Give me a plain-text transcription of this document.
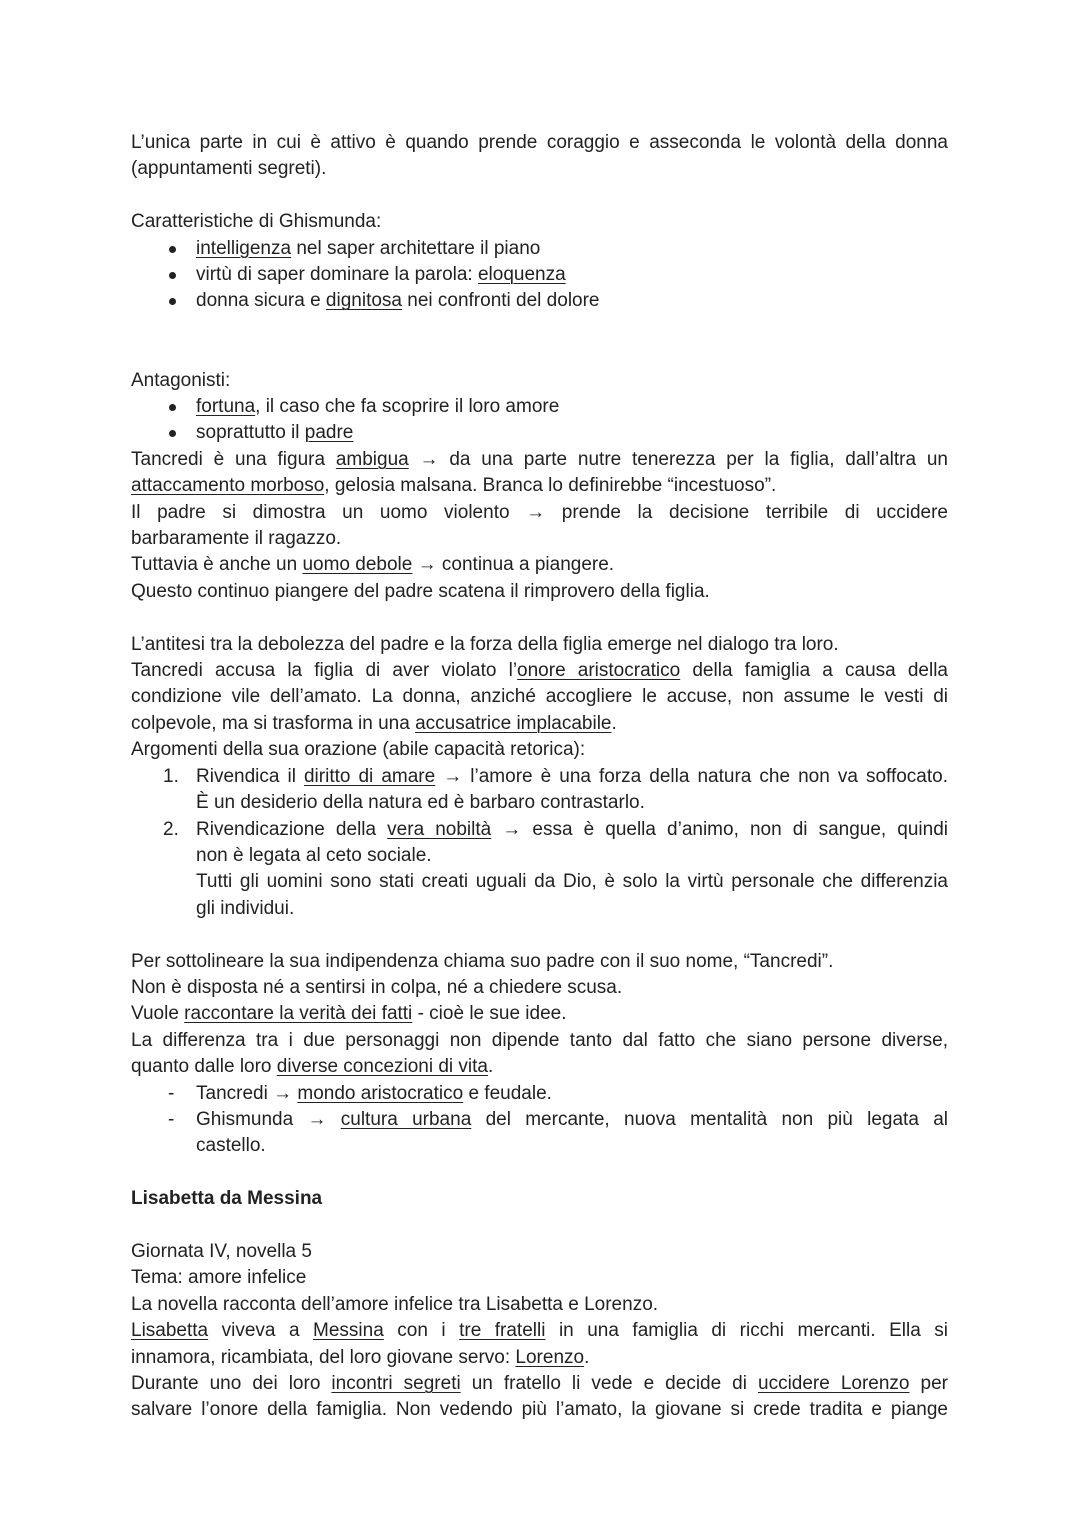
L’unica parte in cui è attivo è quando prende coraggio e asseconda le volontà della donna

(appuntamenti segreti).

Caratteristiche di Ghismunda:

intelligenza nel saper architettare il piano
virtù di saper dominare la parola: eloquenza
donna sicura e dignitosa nei confronti del dolore

Antagonisti:

fortuna, il caso che fa scoprire il loro amore
soprattutto il padre

Tancredi è una figura ambigua → da una parte nutre tenerezza per la figlia, dall’altra un

attaccamento morboso, gelosia malsana. Branca lo definirebbe “incestuoso”.

Il padre si dimostra un uomo violento → prende la decisione terribile di uccidere

barbaramente il ragazzo.

Tuttavia è anche un uomo debole → continua a piangere.

Questo continuo piangere del padre scatena il rimprovero della figlia.

L’antitesi tra la debolezza del padre e la forza della figlia emerge nel dialogo tra loro.

Tancredi accusa la figlia di aver violato l’onore aristocratico della famiglia a causa della

condizione vile dell’amato. La donna, anziché accogliere le accuse, non assume le vesti di

colpevole, ma si trasforma in una accusatrice implacabile.

Argomenti della sua orazione (abile capacità retorica):

1. Rivendica il diritto di amare → l’amore è una forza della natura che non va soffocato.

È un desiderio della natura ed è barbaro contrastarlo.

2. Rivendicazione della vera nobiltà → essa è quella d’animo, non di sangue, quindi

non è legata al ceto sociale.

Tutti gli uomini sono stati creati uguali da Dio, è solo la virtù personale che differenzia

gli individui.

Per sottolineare la sua indipendenza chiama suo padre con il suo nome, “Tancredi”.

Non è disposta né a sentirsi in colpa, né a chiedere scusa.

Vuole raccontare la verità dei fatti - cioè le sue idee.

La differenza tra i due personaggi non dipende tanto dal fatto che siano persone diverse,

quanto dalle loro diverse concezioni di vita.

- Tancredi → mondo aristocratico e feudale.

- Ghismunda → cultura urbana del mercante, nuova mentalità non più legata al

castello.

Lisabetta da Messina

Giornata IV, novella 5

Tema: amore infelice

La novella racconta dell’amore infelice tra Lisabetta e Lorenzo.

Lisabetta viveva a Messina con i tre fratelli in una famiglia di ricchi mercanti. Ella si

innamora, ricambiata, del loro giovane servo: Lorenzo.

Durante uno dei loro incontri segreti un fratello li vede e decide di uccidere Lorenzo per

salvare l’onore della famiglia. Non vedendo più l’amato, la giovane si crede tradita e piange
